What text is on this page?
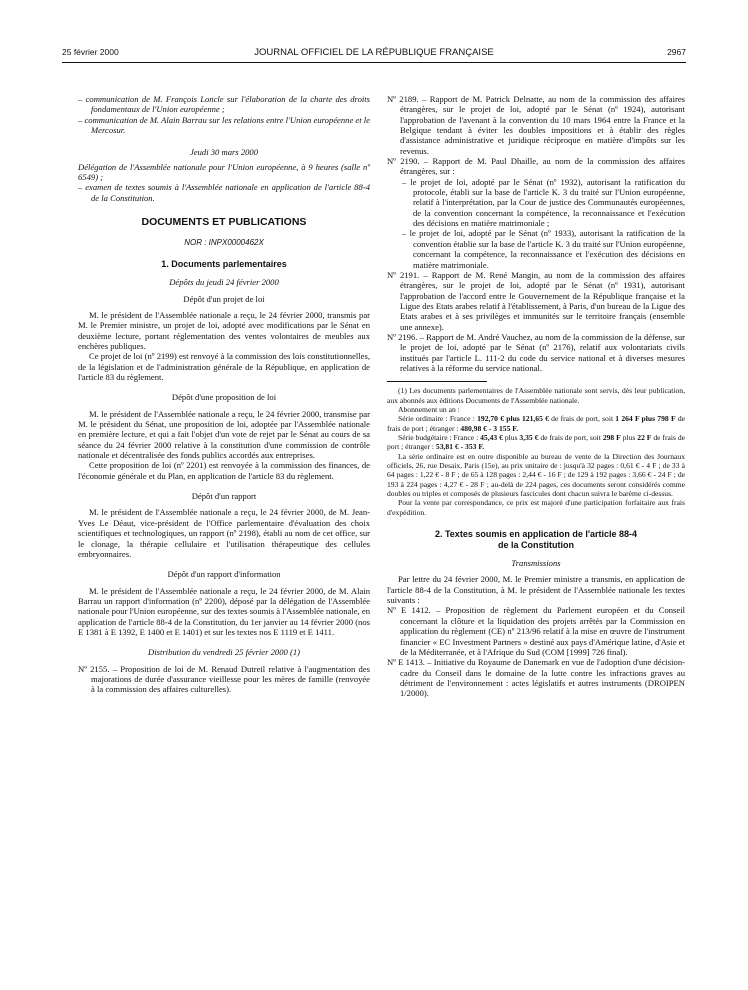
25 février 2000	JOURNAL OFFICIEL DE LA RÉPUBLIQUE FRANÇAISE	2967

– communication de M. François Loncle sur l'élaboration de la charte des droits fondamentaux de l'Union européenne ;

– communication de M. Alain Barrau sur les relations entre l'Union européenne et le Mercosur.

Jeudi 30 mars 2000

Délégation de l'Assemblée nationale pour l'Union européenne, à 9 heures (salle nº 6549) ;

– examen de textes soumis à l'Assemblée nationale en application de l'article 88-4 de la Constitution.

DOCUMENTS ET PUBLICATIONS

NOR : INPX0000462X

1. Documents parlementaires

Dépôts du jeudi 24 février 2000

Dépôt d'un projet de loi

M. le président de l'Assemblée nationale a reçu, le 24 février 2000, transmis par M. le Premier ministre, un projet de loi, adopté avec modifications par le Sénat en deuxième lecture, portant réglementation des ventes volontaires de meubles aux enchères publiques.

Ce projet de loi (nº 2199) est renvoyé à la commission des lois constitutionnelles, de la législation et de l'administration générale de la République, en application de l'article 83 du règlement.

Dépôt d'une proposition de loi

M. le président de l'Assemblée nationale a reçu, le 24 février 2000, transmise par M. le président du Sénat, une proposition de loi, adoptée par l'Assemblée nationale en première lecture, et qui a fait l'objet d'un vote de rejet par le Sénat au cours de sa séance du 24 février 2000 relative à la constitution d'une commission de contrôle nationale et décentralisée des fonds publics accordés aux entreprises.

Cette proposition de loi (nº 2201) est renvoyée à la commission des finances, de l'économie générale et du Plan, en application de l'article 83 du règlement.

Dépôt d'un rapport

M. le président de l'Assemblée nationale a reçu, le 24 février 2000, de M. Jean-Yves Le Déaut, vice-président de l'Office parlementaire d'évaluation des choix scientifiques et technologiques, un rapport (nº 2198), établi au nom de cet office, sur le clonage, la thérapie cellulaire et l'utilisation thérapeutique des cellules embryonnaires.

Dépôt d'un rapport d'information

M. le président de l'Assemblée nationale a reçu, le 24 février 2000, de M. Alain Barrau un rapport d'information (nº 2200), déposé par la délégation de l'Assemblée nationale pour l'Union européenne, sur des textes soumis à l'Assemblée nationale, en application de l'article 88-4 de la Constitution, du 1er janvier au 14 février 2000 (nos E 1381 à E 1392, E 1400 et E 1401) et sur les textes nos E 1119 et E 1411.

Distribution du vendredi 25 février 2000 (1)

Nº 2155. – Proposition de loi de M. Renaud Dutreil relative à l'augmentation des majorations de durée d'assurance vieillesse pour les mères de famille (renvoyée à la commission des affaires culturelles).

Nº 2189. – Rapport de M. Patrick Delnatte, au nom de la commission des affaires étrangères, sur le projet de loi, adopté par le Sénat (nº 1924), autorisant l'approbation de l'avenant à la convention du 10 mars 1964 entre la France et la Belgique tendant à éviter les doubles impositions et à établir des règles d'assistance administrative et juridique réciproque en matière d'impôts sur les revenus.

Nº 2190. – Rapport de M. Paul Dhaille, au nom de la commission des affaires étrangères, sur :

– le projet de loi, adopté par le Sénat (nº 1932), autorisant la ratification du protocole, établi sur la base de l'article K. 3 du traité sur l'Union européenne, relatif à l'interprétation, par la Cour de justice des Communautés européennes, de la convention concernant la compétence, la reconnaissance et l'exécution des décisions en matière matrimoniale ;

– le projet de loi, adopté par le Sénat (nº 1933), autorisant la ratification de la convention établie sur la base de l'article K. 3 du traité sur l'Union européenne, concernant la compétence, la reconnaissance et l'exécution des décisions en matière matrimoniale.

Nº 2191. – Rapport de M. René Mangin, au nom de la commission des affaires étrangères, sur le projet de loi, adopté par le Sénat (nº 1931), autorisant l'approbation de l'accord entre le Gouvernement de la République française et la Ligue des Etats arabes relatif à l'établissement, à Paris, d'un bureau de la Ligue des Etats arabes et à ses privilèges et immunités sur le territoire français (ensemble une annexe).

Nº 2196. – Rapport de M. André Vauchez, au nom de la commission de la défense, sur le projet de loi, adopté par le Sénat (nº 2176), relatif aux volontariats civils institués par l'article L. 111-2 du code du service national et à diverses mesures relatives à la réforme du service national.

(1) Les documents parlementaires de l'Assemblée nationale sont servis, dès leur publication, aux abonnés aux éditions Documents de l'Assemblée nationale.

Abonnement un an :

Série ordinaire : France : 192,70 € plus 121,65 € de frais de port, soit 1 264 F plus 798 F de frais de port ; étranger : 480,98 € - 3 155 F.

Série budgétaire : France : 45,43 € plus 3,35 € de frais de port, soit 298 F plus 22 F de frais de port ; étranger : 53,81 € - 353 F.

La série ordinaire est en outre disponible au bureau de vente de la Direction des Journaux officiels, 26, rue Desaix, Paris (15e), au prix unitaire de : jusqu'à 32 pages : 0,61 € - 4 F ; de 33 à 64 pages : 1,22 € - 8 F ; de 65 à 128 pages : 2,44 € - 16 F ; de 129 à 192 pages : 3,66 € - 24 F ; de 193 à 224 pages : 4,27 € - 28 F ; au-delà de 224 pages, ces documents seront considérés comme doubles ou triples et composés de plusieurs fascicules dont chacun suivra le barème ci-dessus.

Pour la vente par correspondance, ce prix est majoré d'une participation forfaitaire aux frais d'expédition.

2. Textes soumis en application de l'article 88-4
de la Constitution

Transmissions

Par lettre du 24 février 2000, M. le Premier ministre a transmis, en application de l'article 88-4 de la Constitution, à M. le président de l'Assemblée nationale les textes suivants :

Nº E 1412. – Proposition de règlement du Parlement européen et du Conseil concernant la clôture et la liquidation des projets arrêtés par la Commission en application du règlement (CE) nº 213/96 relatif à la mise en œuvre de l'instrument financier « EC Investment Partners » destiné aux pays d'Amérique latine, d'Asie et de la Méditerranée, et à l'Afrique du Sud (COM [1999] 726 final).

Nº E 1413. – Initiative du Royaume de Danemark en vue de l'adoption d'une décision-cadre du Conseil dans le domaine de la lutte contre les infractions graves au détriment de l'environnement : actes législatifs et autres instruments (DROIPEN 1/2000).
